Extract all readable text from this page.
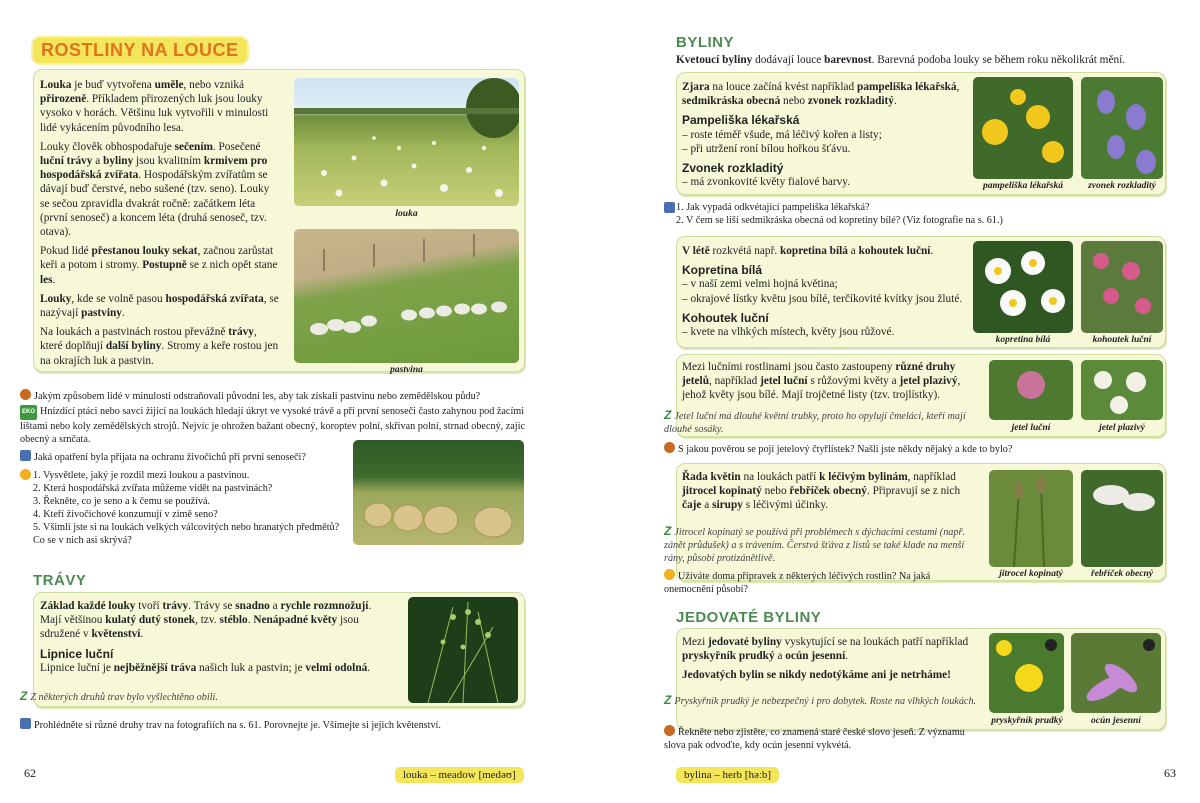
ROSTLINY NA LOUCE

Louka je buď vytvořena uměle, nebo vzniká přirozeně. Příkladem přirozených luk jsou louky vysoko v horách. Většinu luk vytvořili v minulosti lidé vykácením původního lesa.

Louky člověk obhospodařuje sečením. Posečené luční trávy a byliny jsou kvalitním krmivem pro hospodářská zvířata. Hospodářským zvířatům se dávají buď čerstvé, nebo sušené (tzv. seno). Louky se sečou zpravidla dvakrát ročně: začátkem léta (první senoseč) a koncem léta (druhá senoseč, tzv. otava).

Pokud lidé přestanou louky sekat, začnou zarůstat keři a potom i stromy. Postupně se z nich opět stane les.

Louky, kde se volně pasou hospodářská zvířata, se nazývají pastviny.

Na loukách a pastvinách rostou převážně trávy, které doplňují další byliny. Stromy a keře rostou jen na okrajích luk a pastvin.

louka
pastvina
Jakým způsobem lidé v minulosti odstraňovali původní les, aby tak získali pastvinu nebo zemědělskou půdu?
EKO Hnízdící ptáci nebo savci žijící na loukách hledají úkryt ve vysoké trávě a při první senoseči často zahynou pod žacími lištami nebo koly zemědělských strojů. Nejvíc je ohrožen bažant obecný, koroptev polní, skřivan polní, strnad obecný, zajíc obecný a srnčata.
Jaká opatření byla přijata na ochranu živočichů při první senoseči?
1. Vysvětlete, jaký je rozdíl mezi loukou a pastvinou.
2. Která hospodářská zvířata můžeme vidět na pastvinách?
3. Řekněte, co je seno a k čemu se používá.
4. Kteří živočichové konzumují v zimě seno?
5. Všimli jste si na loukách velkých válcovitých nebo hranatých předmětů? Co se v nich asi skrývá?
TRÁVY

Základ každé louky tvoří trávy. Trávy se snadno a rychle rozmnožují. Mají většinou kulatý dutý stonek, tzv. stéblo. Nenápadné květy jsou sdružené v květenství.

Lipnice luční

Lipnice luční je nejběžnější tráva našich luk a pastvin; je velmi odolná.

Z Z některých druhů trav bylo vyšlechtěno obilí.
Prohlédněte si různé druhy trav na fotografiích na s. 61. Porovnejte je. Všímejte si jejich květenství.
62	louka – meadow [medəʊ]
BYLINY
Kvetoucí byliny dodávají louce barevnost. Barevná podoba louky se během roku několikrát mění.

Zjara na louce začíná kvést například pampeliška lékařská, sedmikráska obecná nebo zvonek rozkladitý.

Pampeliška lékařská
– roste téměř všude, má léčivý kořen a listy;
– při utržení roní bílou hořkou šťávu.
Zvonek rozkladitý
– má zvonkovité květy fialové barvy.	pampeliška lékařská	zvonek rozkladitý
1. Jak vypadá odkvétající pampeliška lékařská?
2. V čem se liší sedmikráska obecná od kopretiny bílé? (Viz fotografie na s. 61.)

V létě rozkvétá např. kopretina bílá a kohoutek luční.

Kopretina bílá
– v naší zemi velmi hojná květina;
– okrajové lístky květu jsou bílé, terčíkovité kvítky jsou žluté.
Kohoutek luční
– kvete na vlhkých místech, květy jsou růžové.
kopretina bílá	kohoutek luční
Mezi lučními rostlinami jsou často zastoupeny různé druhy jetelů, například jetel luční s růžovými květy a jetel plazivý, jehož květy jsou bílé. Mají trojčetné listy (tzv. trojlístky).
jetel luční	jetel plazivý
Z Jetel luční má dlouhé květní trubky, proto ho opylují čmeláci, kteří mají dlouhé sosáky.
S jakou pověrou se pojí jetelový čtyřlístek? Našli jste někdy nějaký a kde to bylo?
Řada květin na loukách patří k léčivým bylinám, například jitrocel kopinatý nebo řebříček obecný. Připravují se z nich čaje a sirupy s léčivými účinky.
jitrocel kopinatý	řebříček obecný
Z Jitrocel kopinatý se používá při problémech s dýchacími cestami (např. zánět průdušek) a s trávením. Čerstvá šťáva z listů se také klade na menší rány, působí protizánětlivě.
Užíváte doma přípravek z některých léčivých rostlin? Na jaká onemocnění působí?
JEDOVATÉ BYLINY

Mezi jedovaté byliny vyskytující se na loukách patří například pryskyřník prudký a ocún jesenní.

Jedovatých bylin se nikdy nedotýkáme ani je netrháme!

pryskyřník prudký	ocún jesenní
Z Pryskyřník prudký je nebezpečný i pro dobytek. Roste na vlhkých loukách.
Řekněte nebo zjistěte, co znamená staré české slovo jeseň. Z významu slova pak odvoďte, kdy ocún jesenní vykvétá.
bylina – herb [həːb]	63
